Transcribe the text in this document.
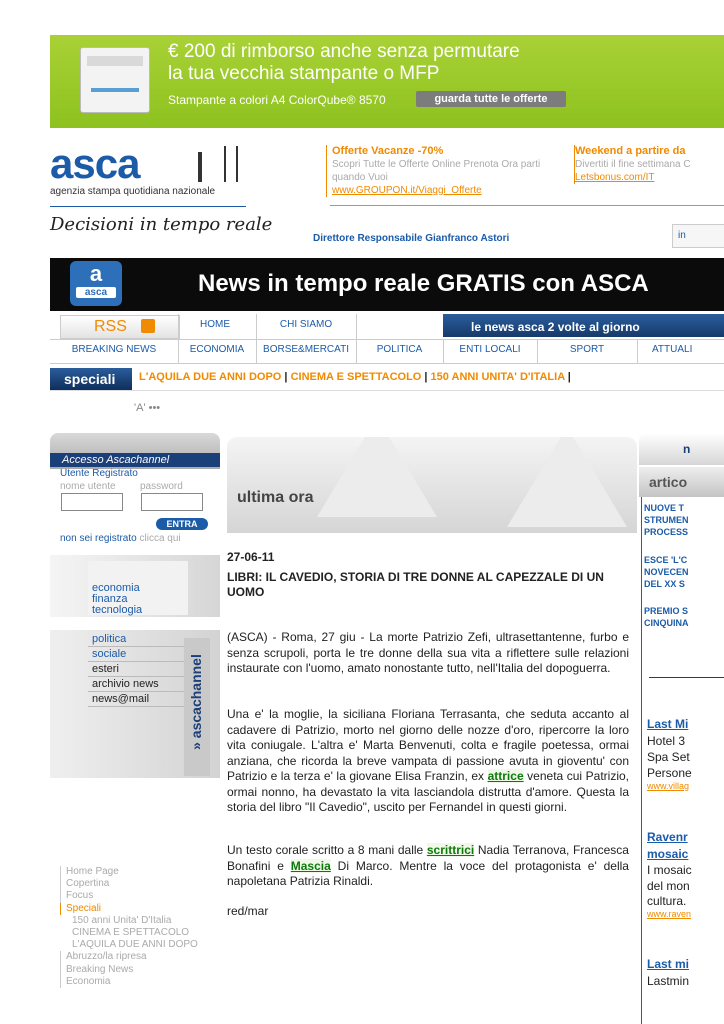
€ 200 di rimborso anche senza permutare
la tua vecchia stampante o MFP
Stampante a colori A4 ColorQube® 8570	guarda tutte le offerte
asca
agenzia stampa quotidiana nazionale
Decisioni in tempo reale
Offerte Vacanze -70%
Scopri Tutte le Offerte Online Prenota Ora parti quando Vuoi
www.GROUPON.it/Viaggi_Offerte
Weekend a partire da
Divertiti il fine settimana C
Letsbonus.com/IT
Direttore Responsabile Gianfranco Astori	in
a
asca	News in tempo reale GRATIS con ASCA
RSS	HOME	CHI SIAMO	le news asca 2 volte al giorno
BREAKING NEWS	ECONOMIA	BORSE&MERCATI	POLITICA	ENTI LOCALI	SPORT	ATTUALI
speciali	L'AQUILA DUE ANNI DOPO | CINEMA E SPETTACOLO | 150 ANNI UNITA' D'ITALIA |
'A' •••
Accesso Ascachannel
Utente Registrato
nome utente password
ENTRA
non sei registrato clicca qui
economia
finanza
tecnologia
politica
sociale
esteri
archivio news
news@mail	» ascachannel
Home Page
Copertina
Focus
Speciali
150 anni Unita' D'Italia
CINEMA E SPETTACOLO
L'AQUILA DUE ANNI DOPO
Abruzzo/la ripresa
Breaking News
Economia
ultima ora
27-06-11
LIBRI: IL CAVEDIO, STORIA DI TRE DONNE AL CAPEZZALE DI UN UOMO
(ASCA) - Roma, 27 giu - La morte Patrizio Zefi, ultrasettantenne, furbo e senza scrupoli, porta le tre donne della sua vita a riflettere sulle relazioni instaurate con l'uomo, amato nonostante tutto, nell'Italia del dopoguerra.
Una e' la moglie, la siciliana Floriana Terrasanta, che seduta accanto al cadavere di Patrizio, morto nel giorno delle nozze d'oro, ripercorre la loro vita coniugale. L'altra e' Marta Benvenuti, colta e fragile poetessa, ormai anziana, che ricorda la breve vampata di passione avuta in gioventu' con Patrizio e la terza e' la giovane Elisa Franzin, ex attrice veneta cui Patrizio, ormai nonno, ha devastato la vita lasciandola distrutta d'amore. Questa la storia del libro "Il Cavedio", uscito per Fernandel in questi giorni.
Un testo corale scritto a 8 mani dalle scrittrici Nadia Terranova, Francesca Bonafini e Mascia Di Marco. Mentre la voce del protagonista e' della napoletana Patrizia Rinaldi.
red/mar
n
artico
NUOVE T
STRUMEN
PROCESS
ESCE 'L'C
NOVECEN
DEL XX S
PREMIO S
CINQUINA
Last Mi
Hotel 3
Spa Set
Persone
www.villag
Ravenr
mosaic
I mosaic
del mon
cultura.
www.raven
Last mi
Lastmin
